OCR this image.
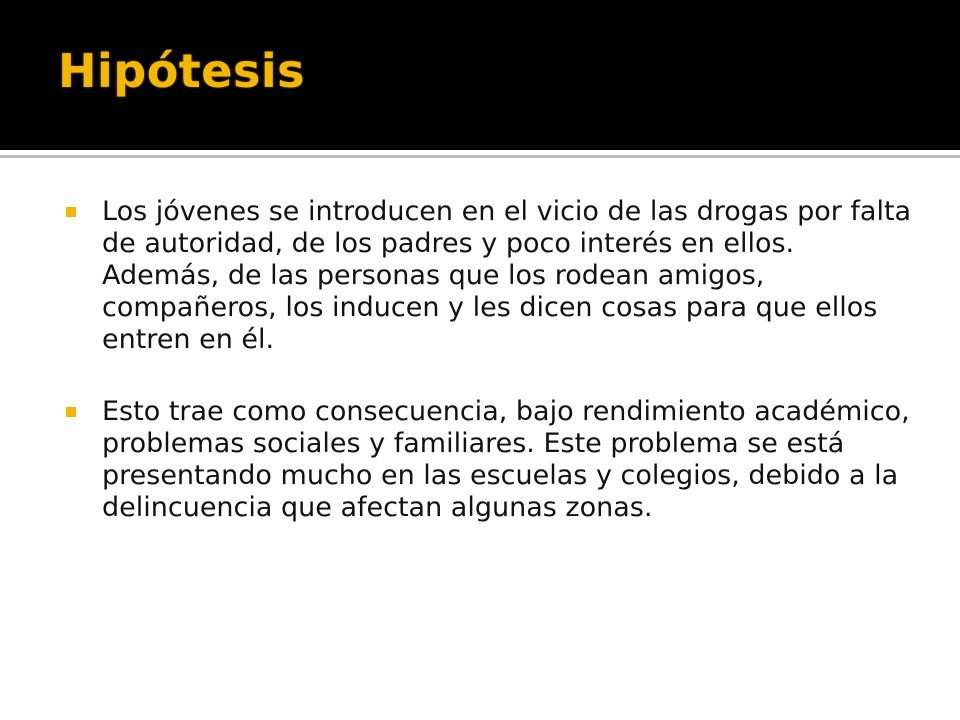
Hipótesis
Los jóvenes se introducen en el vicio de las drogas por falta de autoridad, de los padres y poco interés en ellos. Además, de las personas que los rodean amigos, compañeros, los inducen y les dicen cosas para que ellos entren en él.
Esto trae como consecuencia, bajo rendimiento académico, problemas sociales y familiares. Este problema se está presentando mucho en las escuelas y colegios, debido a la delincuencia que afectan algunas zonas.
